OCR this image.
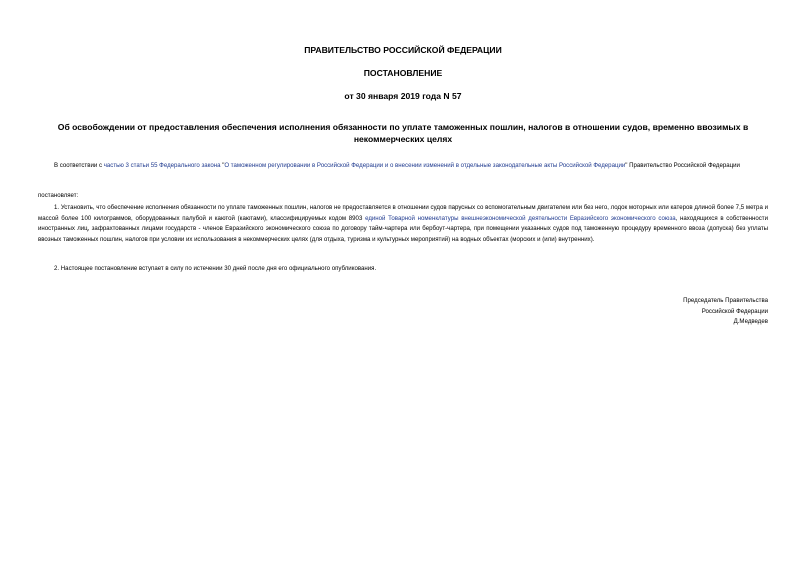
ПРАВИТЕЛЬСТВО РОССИЙСКОЙ ФЕДЕРАЦИИ
ПОСТАНОВЛЕНИЕ
от 30 января 2019 года N 57
Об освобождении от предоставления обеспечения исполнения обязанности по уплате таможенных пошлин, налогов в отношении судов, временно ввозимых в некоммерческих целях

В соответствии с частью 3 статьи 55 Федерального закона "О таможенном регулировании в Российской Федерации и о внесении изменений в отдельные законодательные акты Российской Федерации" Правительство Российской Федерации

постановляет:

1. Установить, что обеспечение исполнения обязанности по уплате таможенных пошлин, налогов не предоставляется в отношении судов парусных со вспомогательным двигателем или без него, лодок моторных или катеров длиной более 7,5 метра и массой более 100 килограммов, оборудованных палубой и каютой (каютами), классифицируемых кодом 8903 единой Товарной номенклатуры внешнеэкономической деятельности Евразийского экономического союза, находящихся в собственности иностранных лиц, зафрахтованных лицами государств - членов Евразийского экономического союза по договору тайм-чартера или бербоут-чартера, при помещении указанных судов под таможенную процедуру временного ввоза (допуска) без уплаты ввозных таможенных пошлин, налогов при условии их использования в некоммерческих целях (для отдыха, туризма и культурных мероприятий) на водных объектах (морских и (или) внутренних).

2. Настоящее постановление вступает в силу по истечении 30 дней после дня его официального опубликования.

Председатель Правительства
Российской Федерации
Д.Медведев
